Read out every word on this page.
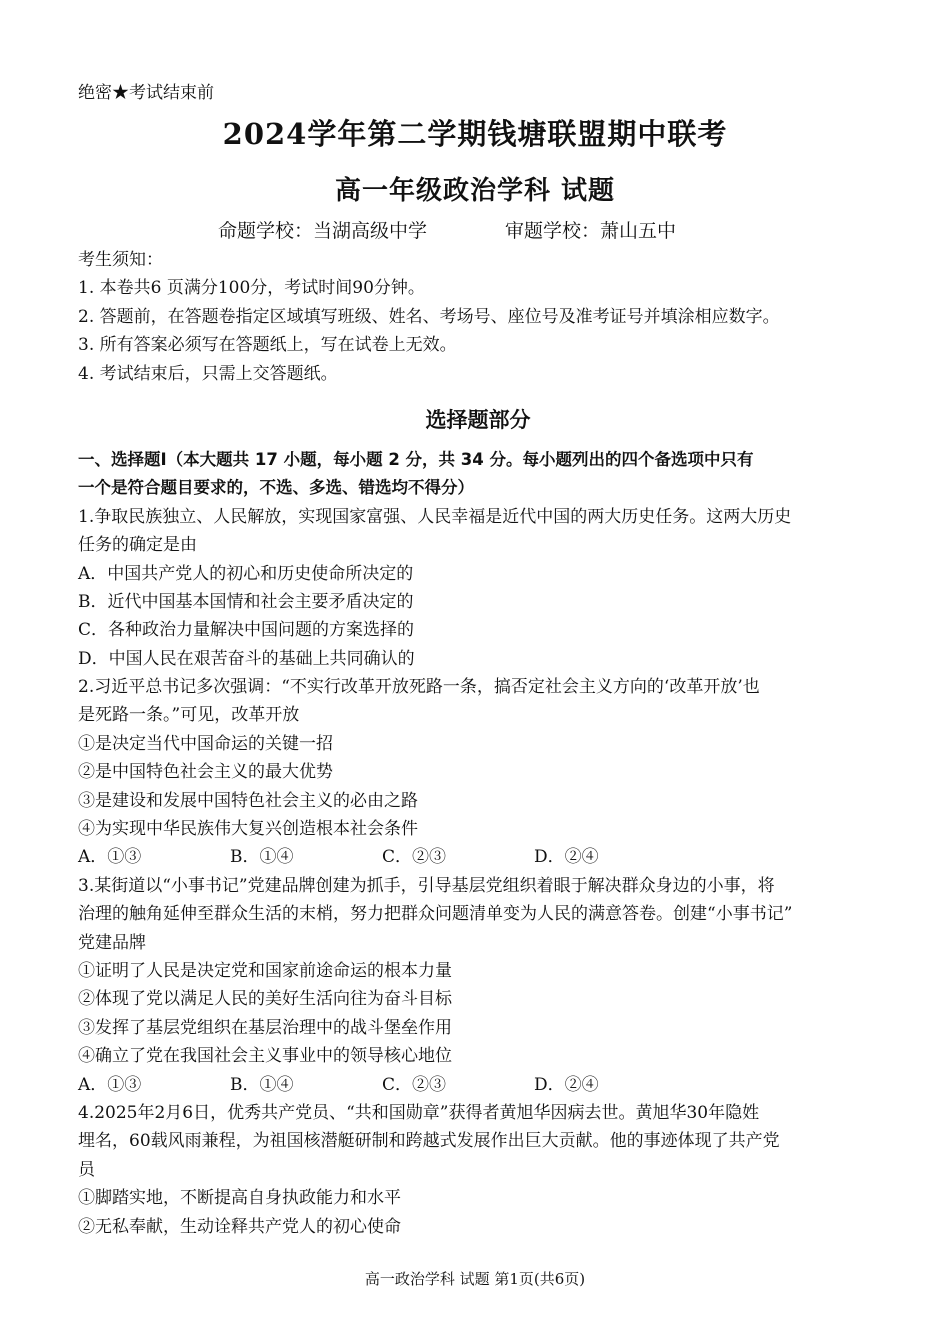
绝密★考试结束前
2024学年第二学期钱塘联盟期中联考
高一年级政治学科 试题
命题学校：当湖高级中学	审题学校：萧山五中
考生须知：
1. 本卷共6 页满分100分，考试时间90分钟。
2. 答题前，在答题卷指定区域填写班级、姓名、考场号、座位号及准考证号并填涂相应数字。
3. 所有答案必须写在答题纸上，写在试卷上无效。
4. 考试结束后，只需上交答题纸。
选择题部分
一、选择题Ⅰ（本大题共 17 小题，每小题 2 分，共 34 分。每小题列出的四个备选项中只有
一个是符合题目要求的，不选、多选、错选均不得分）
1.争取民族独立、人民解放，实现国家富强、人民幸福是近代中国的两大历史任务。这两大历史
任务的确定是由
A．中国共产党人的初心和历史使命所决定的
B．近代中国基本国情和社会主要矛盾决定的
C．各种政治力量解决中国问题的方案选择的
D．中国人民在艰苦奋斗的基础上共同确认的
2.习近平总书记多次强调：“不实行改革开放死路一条，搞否定社会主义方向的‘改革开放’也
是死路一条。”可见，改革开放
①是决定当代中国命运的关键一招
②是中国特色社会主义的最大优势
③是建设和发展中国特色社会主义的必由之路
④为实现中华民族伟大复兴创造根本社会条件
A．①③	B．①④	C．②③	D．②④
3.某街道以“小事书记”党建品牌创建为抓手，引导基层党组织着眼于解决群众身边的小事，将
治理的触角延伸至群众生活的末梢，努力把群众问题清单变为人民的满意答卷。创建“小事书记”
党建品牌
①证明了人民是决定党和国家前途命运的根本力量
②体现了党以满足人民的美好生活向往为奋斗目标
③发挥了基层党组织在基层治理中的战斗堡垒作用
④确立了党在我国社会主义事业中的领导核心地位
A．①③	B．①④	C．②③	D．②④
4.2025年2月6日，优秀共产党员、“共和国勋章”获得者黄旭华因病去世。黄旭华30年隐姓
埋名，60载风雨兼程，为祖国核潜艇研制和跨越式发展作出巨大贡献。他的事迹体现了共产党
员
①脚踏实地，不断提高自身执政能力和水平
②无私奉献，生动诠释共产党人的初心使命
高一政治学科 试题 第1页(共6页)
